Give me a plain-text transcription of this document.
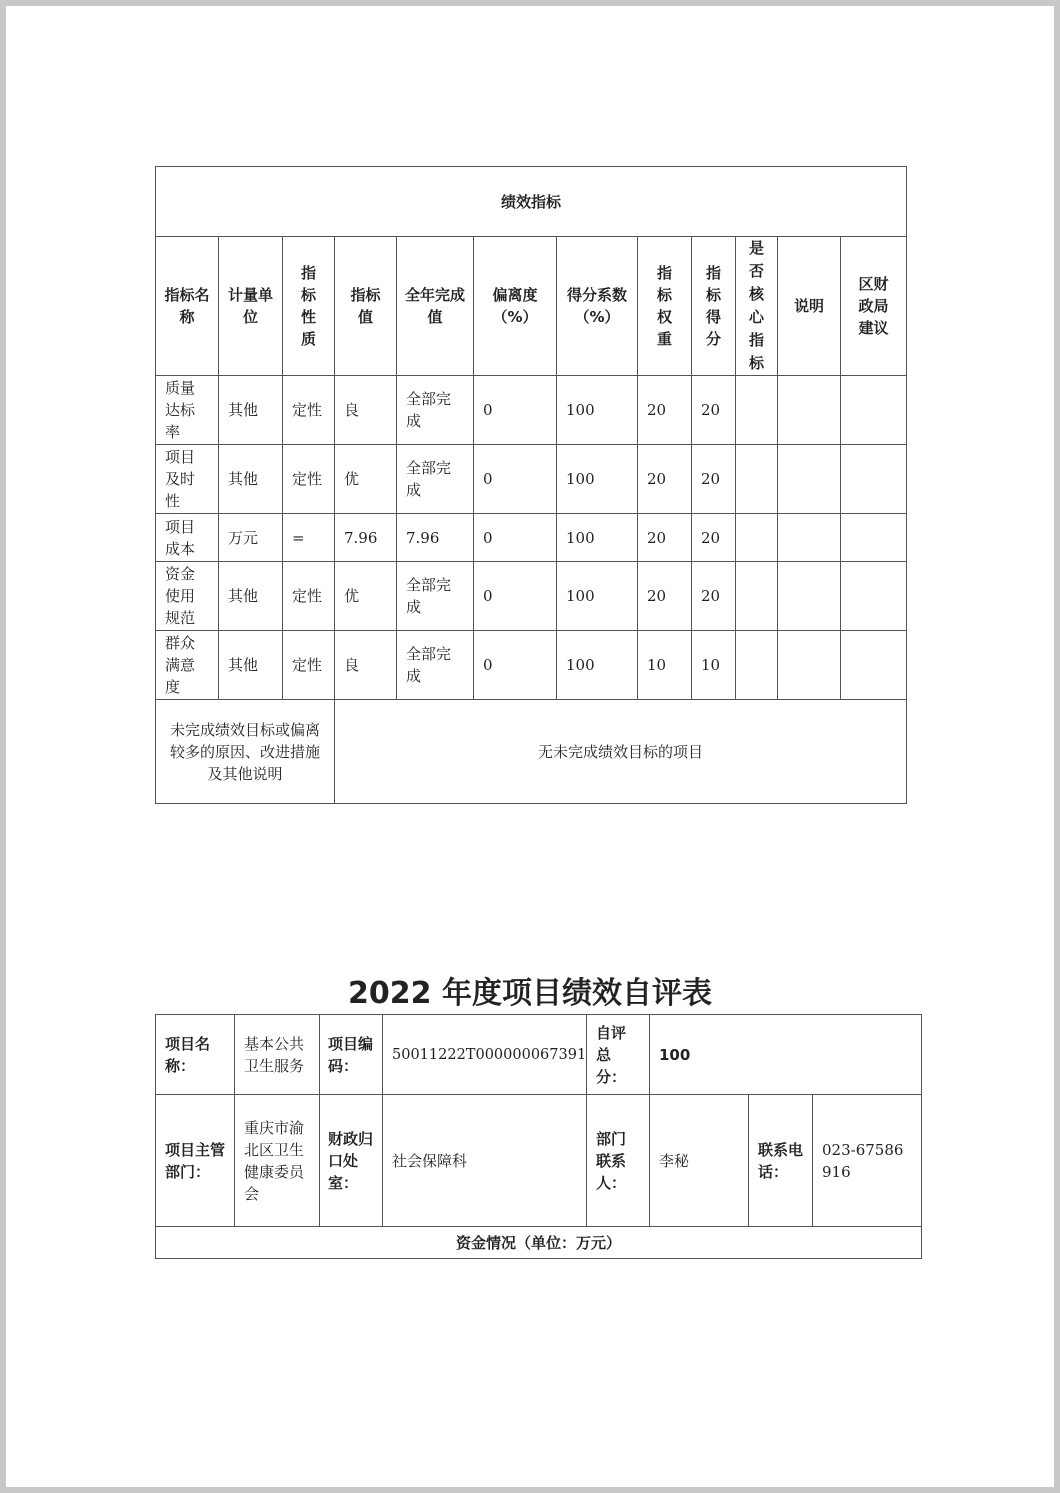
绩效指标											
指标名称	计量单位	指标性质	指标值	全年完成值	偏离度（%）	得分系数（%）	指标权重	指标得分	是否核心指标	说明	区财政局建议
质量达标率	其他	定性	良	全部完成	0	100	20	20			
项目及时性	其他	定性	优	全部完成	0	100	20	20			
项目成本	万元	=	7.96	7.96	0	100	20	20			
资金使用规范	其他	定性	优	全部完成	0	100	20	20			
群众满意度	其他	定性	良	全部完成	0	100	10	10			
未完成绩效目标或偏离较多的原因、改进措施及其他说明			无未完成绩效目标的项目								
2022 年度项目绩效自评表
项目名称：	基本公共卫生服务	项目编码：	50011222T000000067391	自评总分：	100		
项目主管部门：	重庆市渝北区卫生健康委员会	财政归口处室：	社会保障科	部门联系人：	李秘	联系电话：	023-67586916
资金情况（单位：万元）							
